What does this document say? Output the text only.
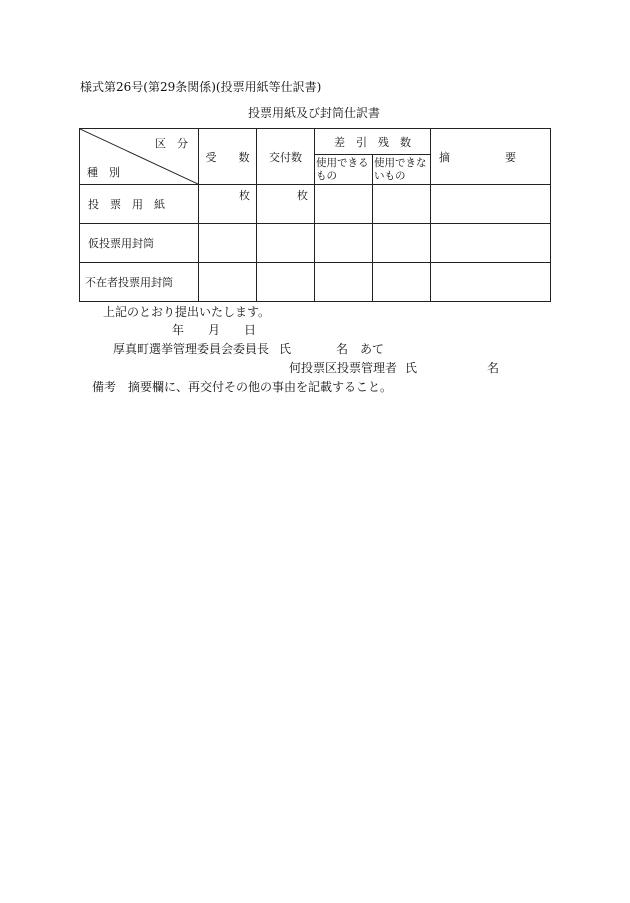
様式第26号(第29条関係)(投票用紙等仕訳書)
投票用紙及び封筒仕訳書
区　分
種　別	受　　数	交付数	差　引　残　数		摘　　　　　要
			使用できるもの	使用できないもの	
投　票　用　紙	枚	枚			
仮投票用封筒					
不在者投票用封筒					
上記のとおり提出いたします。
年　　月　　日
厚真町選挙管理委員会委員長 氏	名 あて
何投票区投票管理者 氏	名
備考　摘要欄に、再交付その他の事由を記載すること。
